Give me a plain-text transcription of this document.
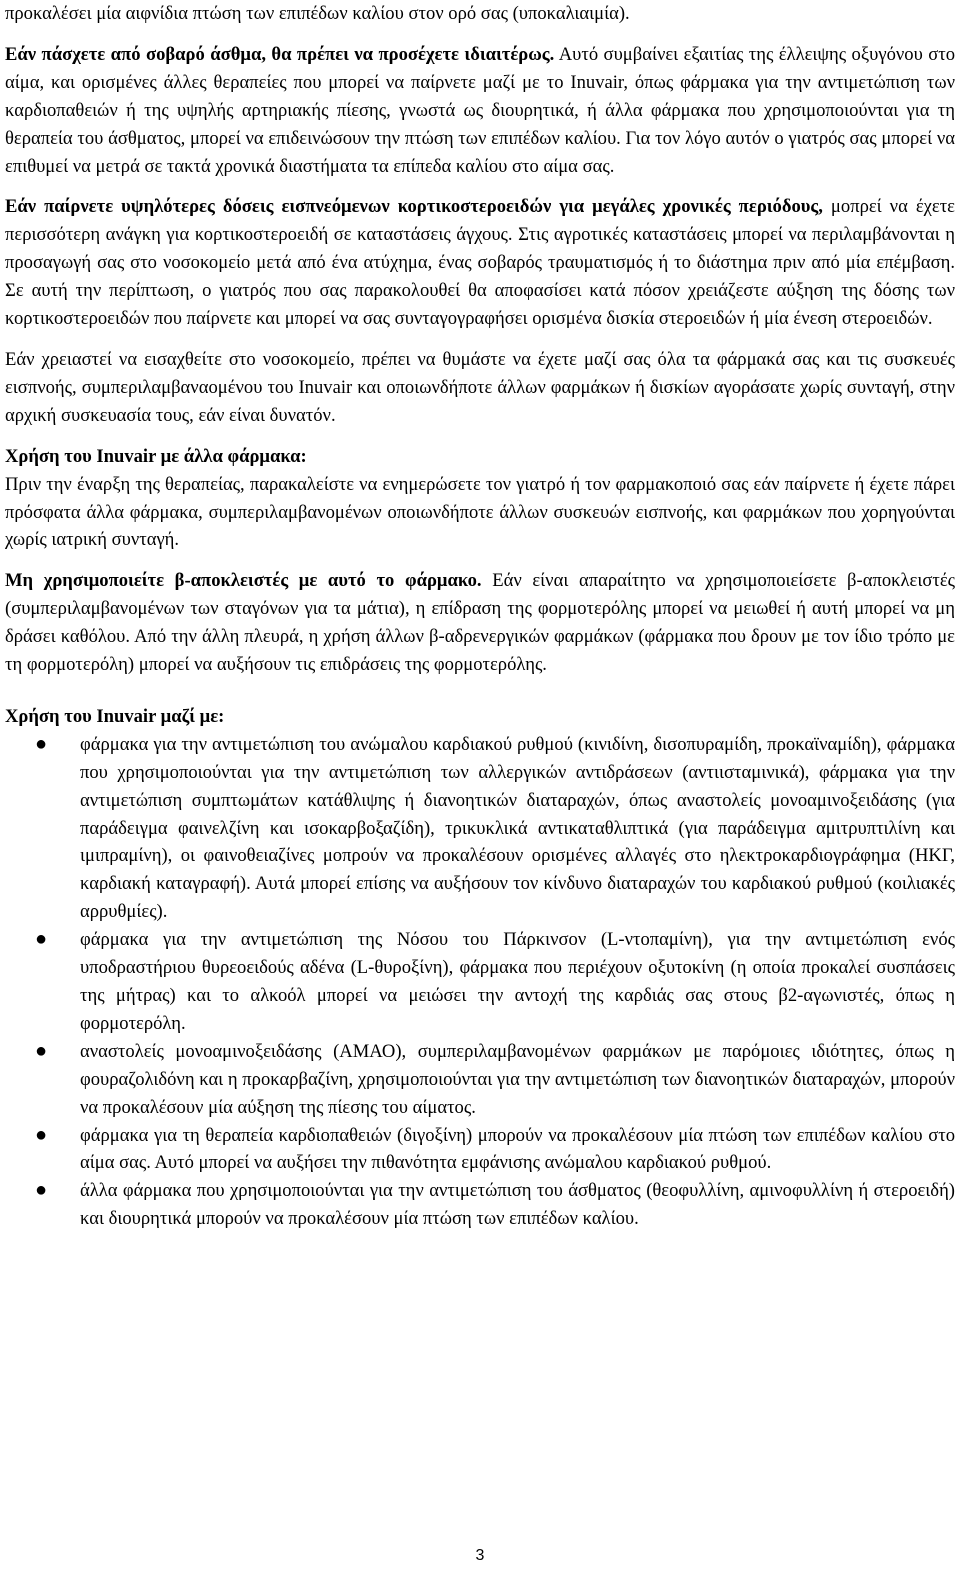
προκαλέσει μία αιφνίδια πτώση των επιπέδων καλίου στον ορό σας (υποκαλιαιμία).

Εάν πάσχετε από σοβαρό άσθμα, θα πρέπει να προσέχετε ιδιαιτέρως. Αυτό συμβαίνει εξαιτίας της έλλειψης οξυγόνου στο αίμα, και ορισμένες άλλες θεραπείες που μπορεί να παίρνετε μαζί με το Inuvair, όπως φάρμακα για την αντιμετώπιση των καρδιοπαθειών ή της υψηλής αρτηριακής πίεσης, γνωστά ως διουρητικά, ή άλλα φάρμακα που χρησιμοποιούνται για τη θεραπεία του άσθματος, μπορεί να επιδεινώσουν την πτώση των επιπέδων καλίου. Για τον λόγο αυτόν ο γιατρός σας μπορεί να επιθυμεί να μετρά σε τακτά χρονικά διαστήματα τα επίπεδα καλίου στο αίμα σας.

Εάν παίρνετε υψηλότερες δόσεις εισπνεόμενων κορτικοστεροειδών για μεγάλες χρονικές περιόδους, μοπρεί να έχετε περισσότερη ανάγκη για κορτικοστεροειδή σε καταστάσεις άγχους. Στις αγροτικές καταστάσεις μπορεί να περιλαμβάνονται η προσαγωγή σας στο νοσοκομείο μετά από ένα ατύχημα, ένας σοβαρός τραυματισμός ή το διάστημα πριν από μία επέμβαση. Σε αυτή την περίπτωση, ο γιατρός που σας παρακολουθεί θα αποφασίσει κατά πόσον χρειάζεστε αύξηση της δόσης των κορτικοστεροειδών που παίρνετε και μπορεί να σας συνταγογραφήσει ορισμένα δισκία στεροειδών ή μία ένεση στεροειδών.

Εάν χρειαστεί να εισαχθείτε στο νοσοκομείο, πρέπει να θυμάστε να έχετε μαζί σας όλα τα φάρμακά σας και τις συσκευές εισπνοής, συμπεριλαμβαναομένου του Inuvair και οποιωνδήποτε άλλων φαρμάκων ή δισκίων αγοράσατε χωρίς συνταγή, στην αρχική συσκευασία τους, εάν είναι δυνατόν.

Χρήση του Inuvair με άλλα φάρμακα:

Πριν την έναρξη της θεραπείας, παρακαλείστε να ενημερώσετε τον γιατρό ή τον φαρμακοποιό σας εάν παίρνετε ή έχετε πάρει πρόσφατα άλλα φάρμακα, συμπεριλαμβανομένων οποιωνδήποτε άλλων συσκευών εισπνοής, και φαρμάκων που χορηγούνται χωρίς ιατρική συνταγή.

Μη χρησιμοποιείτε β-αποκλειστές με αυτό το φάρμακο. Εάν είναι απαραίτητο να χρησιμοποιείσετε β-αποκλειστές (συμπεριλαμβανομένων των σταγόνων για τα μάτια), η επίδραση της φορμοτερόλης μπορεί να μειωθεί ή αυτή μπορεί να μη δράσει καθόλου. Από την άλλη πλευρά, η χρήση άλλων β-αδρενεργικών φαρμάκων (φάρμακα που δρουν με τον ίδιο τρόπο με τη φορμοτερόλη) μπορεί να αυξήσουν τις επιδράσεις της φορμοτερόλης.

Χρήση του Inuvair μαζί με:

● φάρμακα για την αντιμετώπιση του ανώμαλου καρδιακού ρυθμού (κινιδίνη, δισοπυραμίδη, προκαϊναμίδη), φάρμακα που χρησιμοποιούνται για την αντιμετώπιση των αλλεργικών αντιδράσεων (αντιισταμινικά), φάρμακα για την αντιμετώπιση συμπτωμάτων κατάθλιψης ή διανοητικών διαταραχών, όπως αναστολείς μονοαμινοξειδάσης (για παράδειγμα φαινελζίνη και ισοκαρβοξαζίδη), τρικυκλικά αντικαταθλιπτικά (για παράδειγμα αμιτρυπτιλίνη και ιμιπραμίνη), οι φαινοθειαζίνες μοπρούν να προκαλέσουν ορισμένες αλλαγές στο ηλεκτροκαρδιογράφημα (ΗΚΓ, καρδιακή καταγραφή). Αυτά μπορεί επίσης να αυξήσουν τον κίνδυνο διαταραχών του καρδιακού ρυθμού (κοιλιακές αρρυθμίες).
● φάρμακα για την αντιμετώπιση της Νόσου του Πάρκινσον (L-ντοπαμίνη), για την αντιμετώπιση ενός υποδραστήριου θυρεοειδούς αδένα (L-θυροξίνη), φάρμακα που περιέχουν οξυτοκίνη (η οποία προκαλεί συσπάσεις της μήτρας) και το αλκοόλ μπορεί να μειώσει την αντοχή της καρδιάς σας στους β2-αγωνιστές, όπως η φορμοτερόλη.
● αναστολείς μονοαμινοξειδάσης (ΑΜΑΟ), συμπεριλαμβανομένων φαρμάκων με παρόμοιες ιδιότητες, όπως η φουραζολιδόνη και η προκαρβαζίνη, χρησιμοποιούνται για την αντιμετώπιση των διανοητικών διαταραχών, μπορούν να προκαλέσουν μία αύξηση της πίεσης του αίματος.
● φάρμακα για τη θεραπεία καρδιοπαθειών (διγοξίνη) μπορούν να προκαλέσουν μία πτώση των επιπέδων καλίου στο αίμα σας. Αυτό μπορεί να αυξήσει την πιθανότητα εμφάνισης ανώμαλου καρδιακού ρυθμού.
● άλλα φάρμακα που χρησιμοποιούνται για την αντιμετώπιση του άσθματος (θεοφυλλίνη, αμινοφυλλίνη ή στεροειδή) και διουρητικά μπορούν να προκαλέσουν μία πτώση των επιπέδων καλίου.
3
